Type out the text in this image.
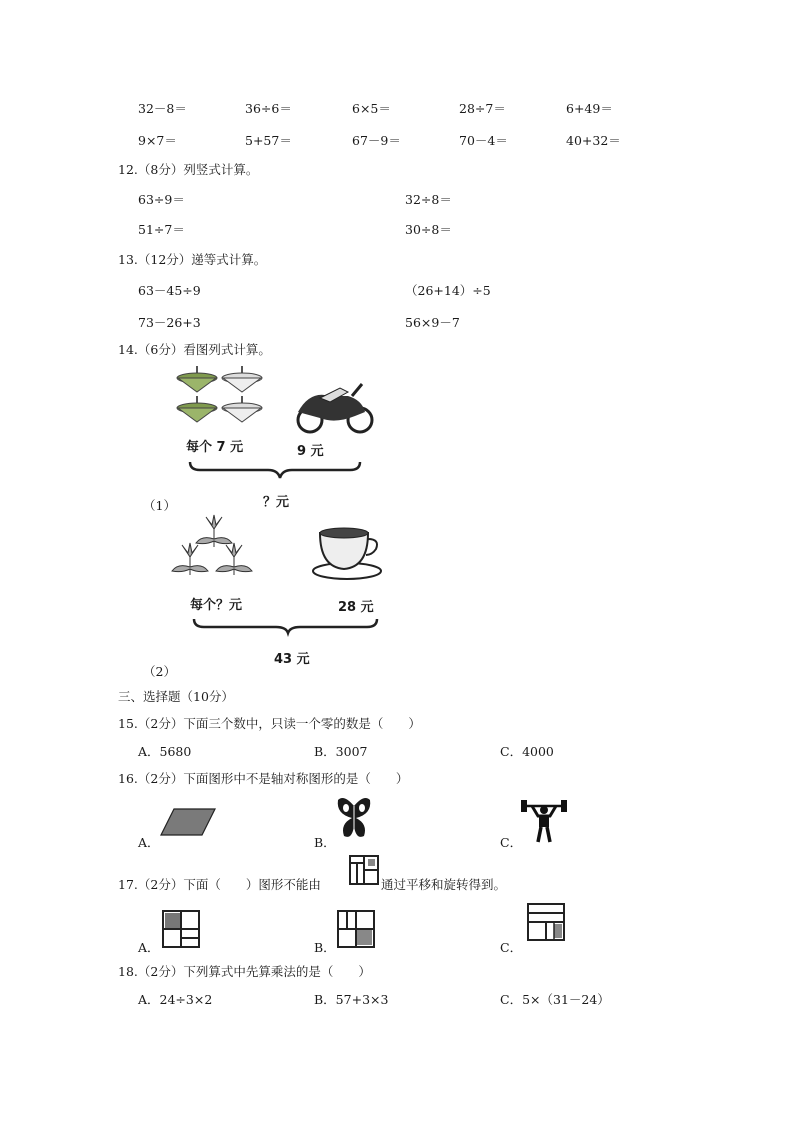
32－8＝	36÷6＝	6×5＝	28÷7＝	6+49＝
9×7＝	5+57＝	67－9＝	70－4＝	40+32＝
12.（8分）列竖式计算。
63÷9＝	32÷8＝
51÷7＝	30÷8＝
13.（12分）递等式计算。
63－45÷9	（26+14）÷5
73－26+3	56×9－7
14.（6分）看图列式计算。
每个 7 元	9 元
（1）	？元
每个？元	28 元
43 元
（2）
三、选择题（10分）
15.（2分）下面三个数中，只读一个零的数是（　　）
A．5680	B．3007	C．4000
16.（2分）下面图形中不是轴对称图形的是（　　）
A．	B．	C．
17.（2分）下面（　　）图形不能由	通过平移和旋转得到。
A．	B．	C．
18.（2分）下列算式中先算乘法的是（　　）
A．24÷3×2	B．57+3×3	C．5×（31－24）
